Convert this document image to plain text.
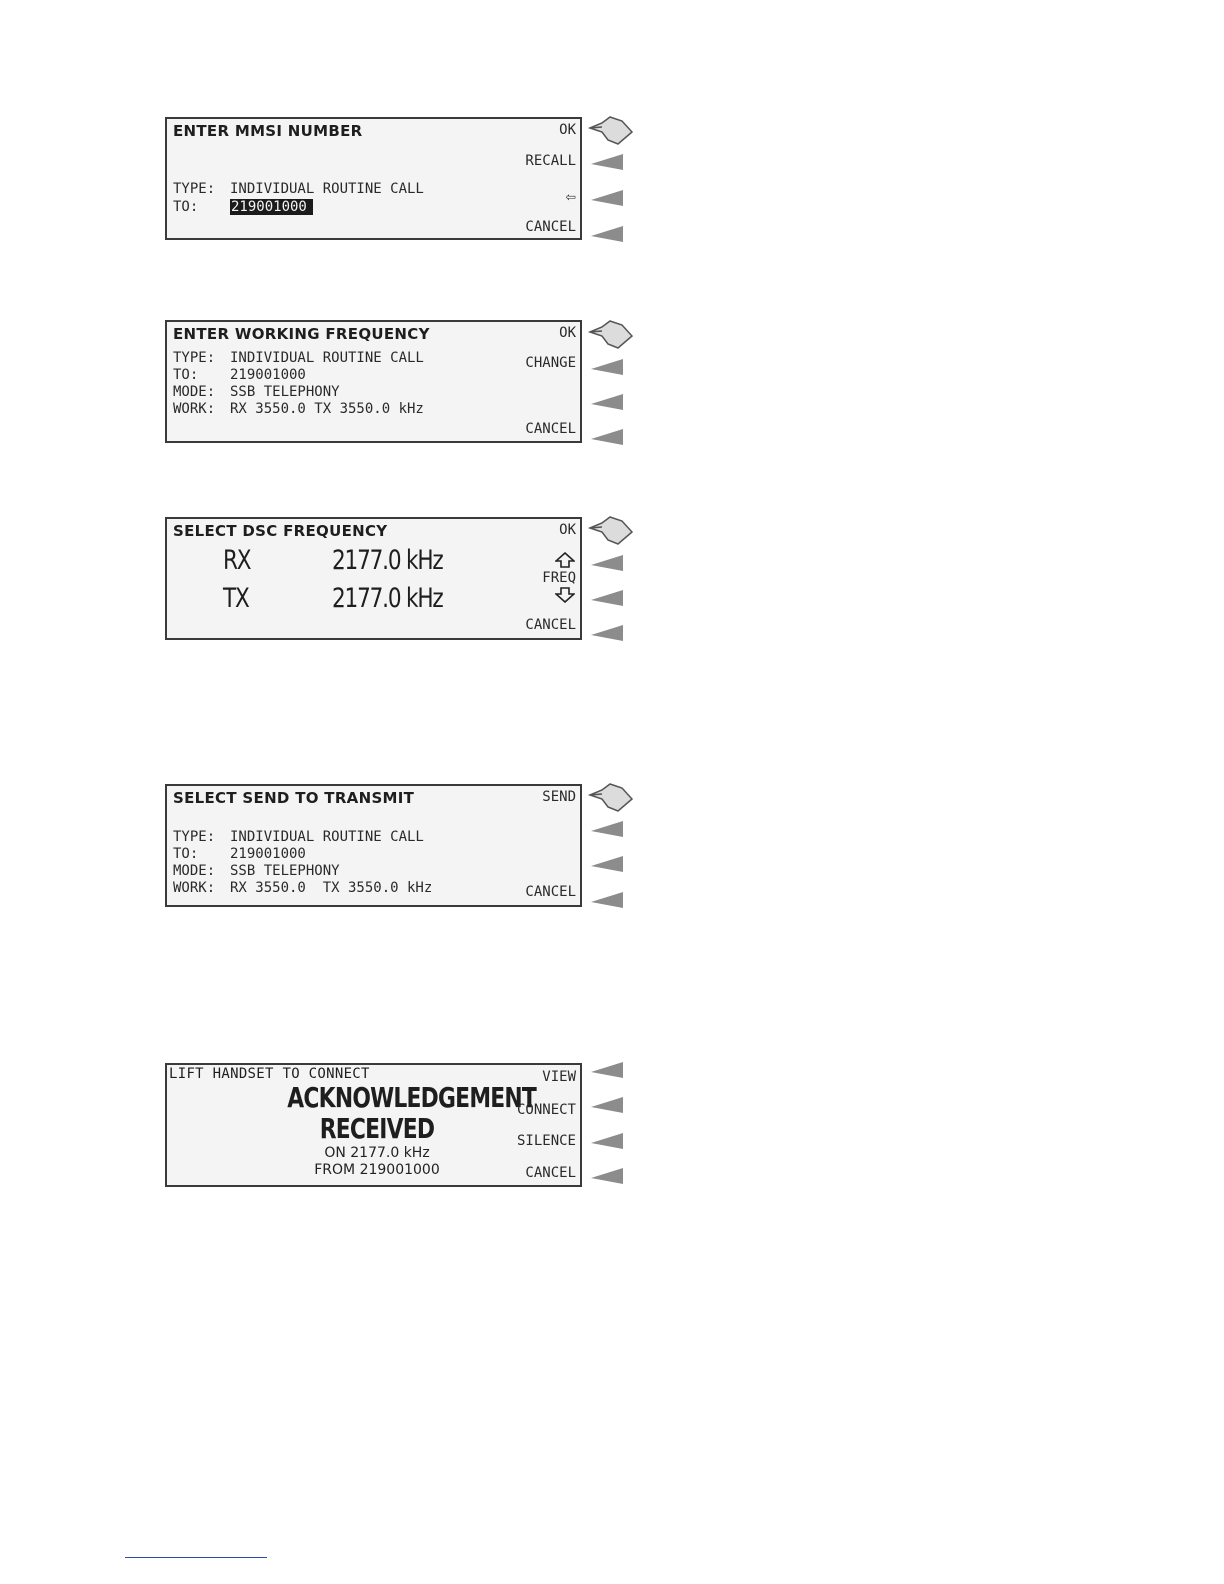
ENTER MMSI NUMBER
TYPE: INDIVIDUAL ROUTINE CALL
TO: 219001000
OK
RECALL
⇦
CANCEL
ENTER WORKING FREQUENCY
TYPE: INDIVIDUAL ROUTINE CALL
TO: 219001000
MODE: SSB TELEPHONY
WORK: RX 3550.0 TX 3550.0 kHz
OK
CHANGE
CANCEL
SELECT DSC FREQUENCY
RX	2177.0 kHz
TX	2177.0 kHz
OK
FREQ
CANCEL
SELECT SEND TO TRANSMIT
TYPE: INDIVIDUAL ROUTINE CALL
TO: 219001000
MODE: SSB TELEPHONY
WORK: RX 3550.0  TX 3550.0 kHz
SEND
CANCEL
LIFT HANDSET TO CONNECT
ACKNOWLEDGEMENT
RECEIVED
ON 2177.0 kHz
FROM 219001000
VIEW
CONNECT
SILENCE
CANCEL
